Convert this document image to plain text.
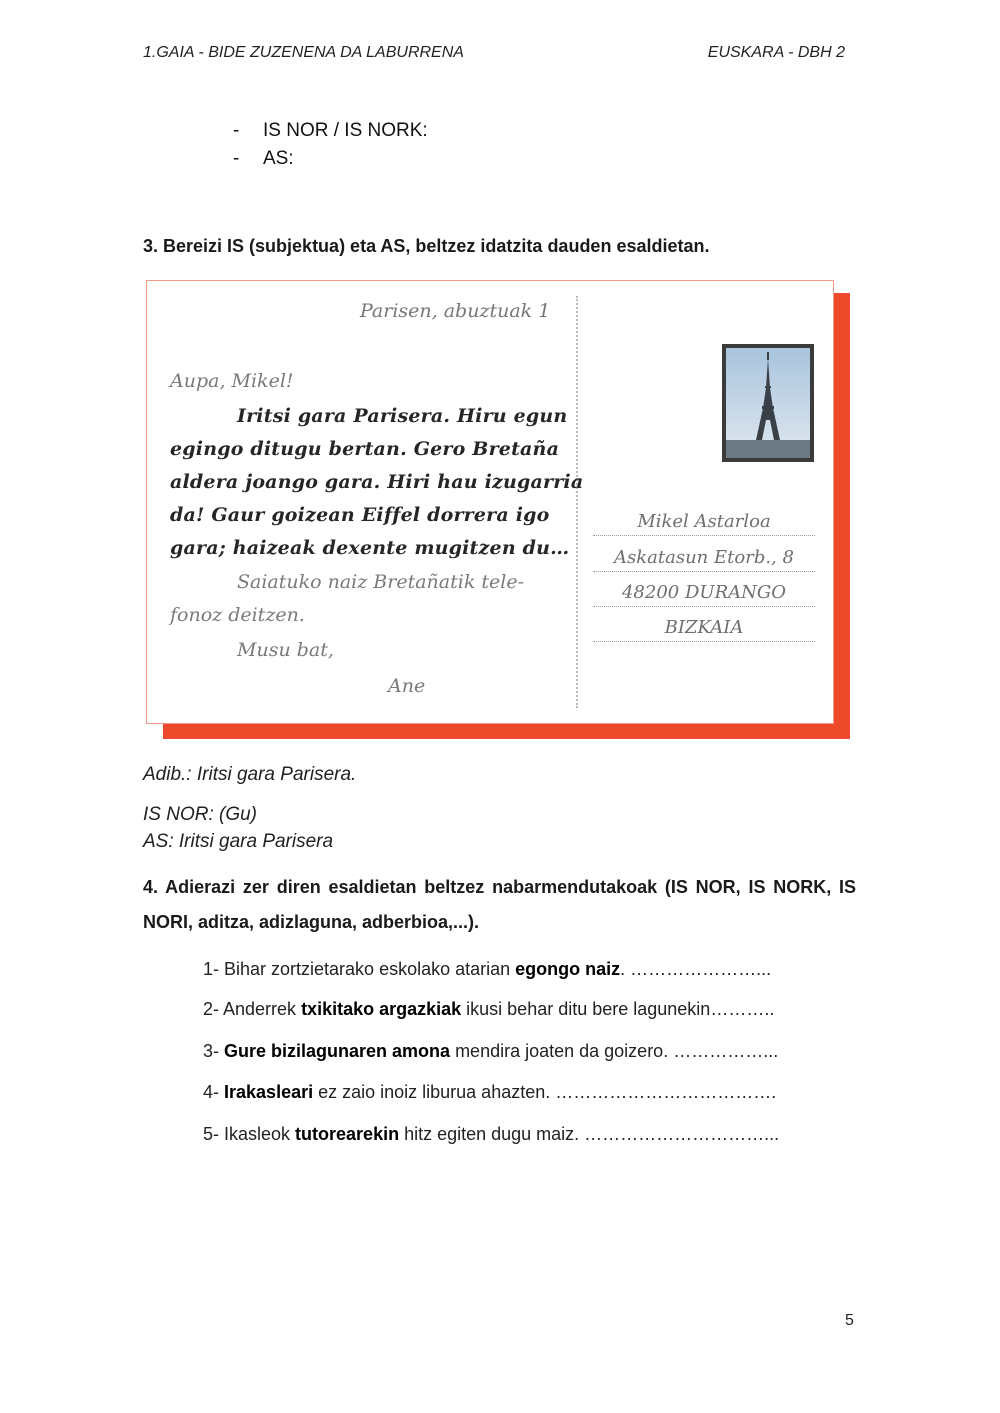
1.GAIA - BIDE ZUZENENA DA LABURRENA	EUSKARA - DBH 2
- IS NOR / IS NORK:
- AS:
3. Bereizi IS (subjektua) eta AS, beltzez idatzita dauden esaldietan.
Parisen, abuztuak 1
Aupa, Mikel!
Iritsi gara Parisera. Hiru egun
egingo ditugu bertan. Gero Bretaña
aldera joango gara. Hiri hau izugarria
da! Gaur goizean Eiffel dorrera igo
gara; haizeak dexente mugitzen du…
Saiatuko naiz Bretañatik tele-
fonoz deitzen.
Musu bat,
Ane
Mikel Astarloa
Askatasun Etorb., 8
48200 DURANGO
BIZKAIA
Adib.: Iritsi gara Parisera.
IS NOR: (Gu)
AS: Iritsi gara Parisera
4. Adierazi zer diren esaldietan beltzez nabarmendutakoak (IS NOR, IS NORK, IS NORI, aditza, adizlaguna, adberbioa,...).
1- Bihar zortzietarako eskolako atarian egongo naiz. …………………...
2- Anderrek txikitako argazkiak ikusi behar ditu bere lagunekin………..
3- Gure bizilagunaren amona mendira joaten da goizero. ……………...
4- Irakasleari ez zaio inoiz liburua ahazten. ……………………………….
5- Ikasleok tutorearekin hitz egiten dugu maiz. …………………………...
5
